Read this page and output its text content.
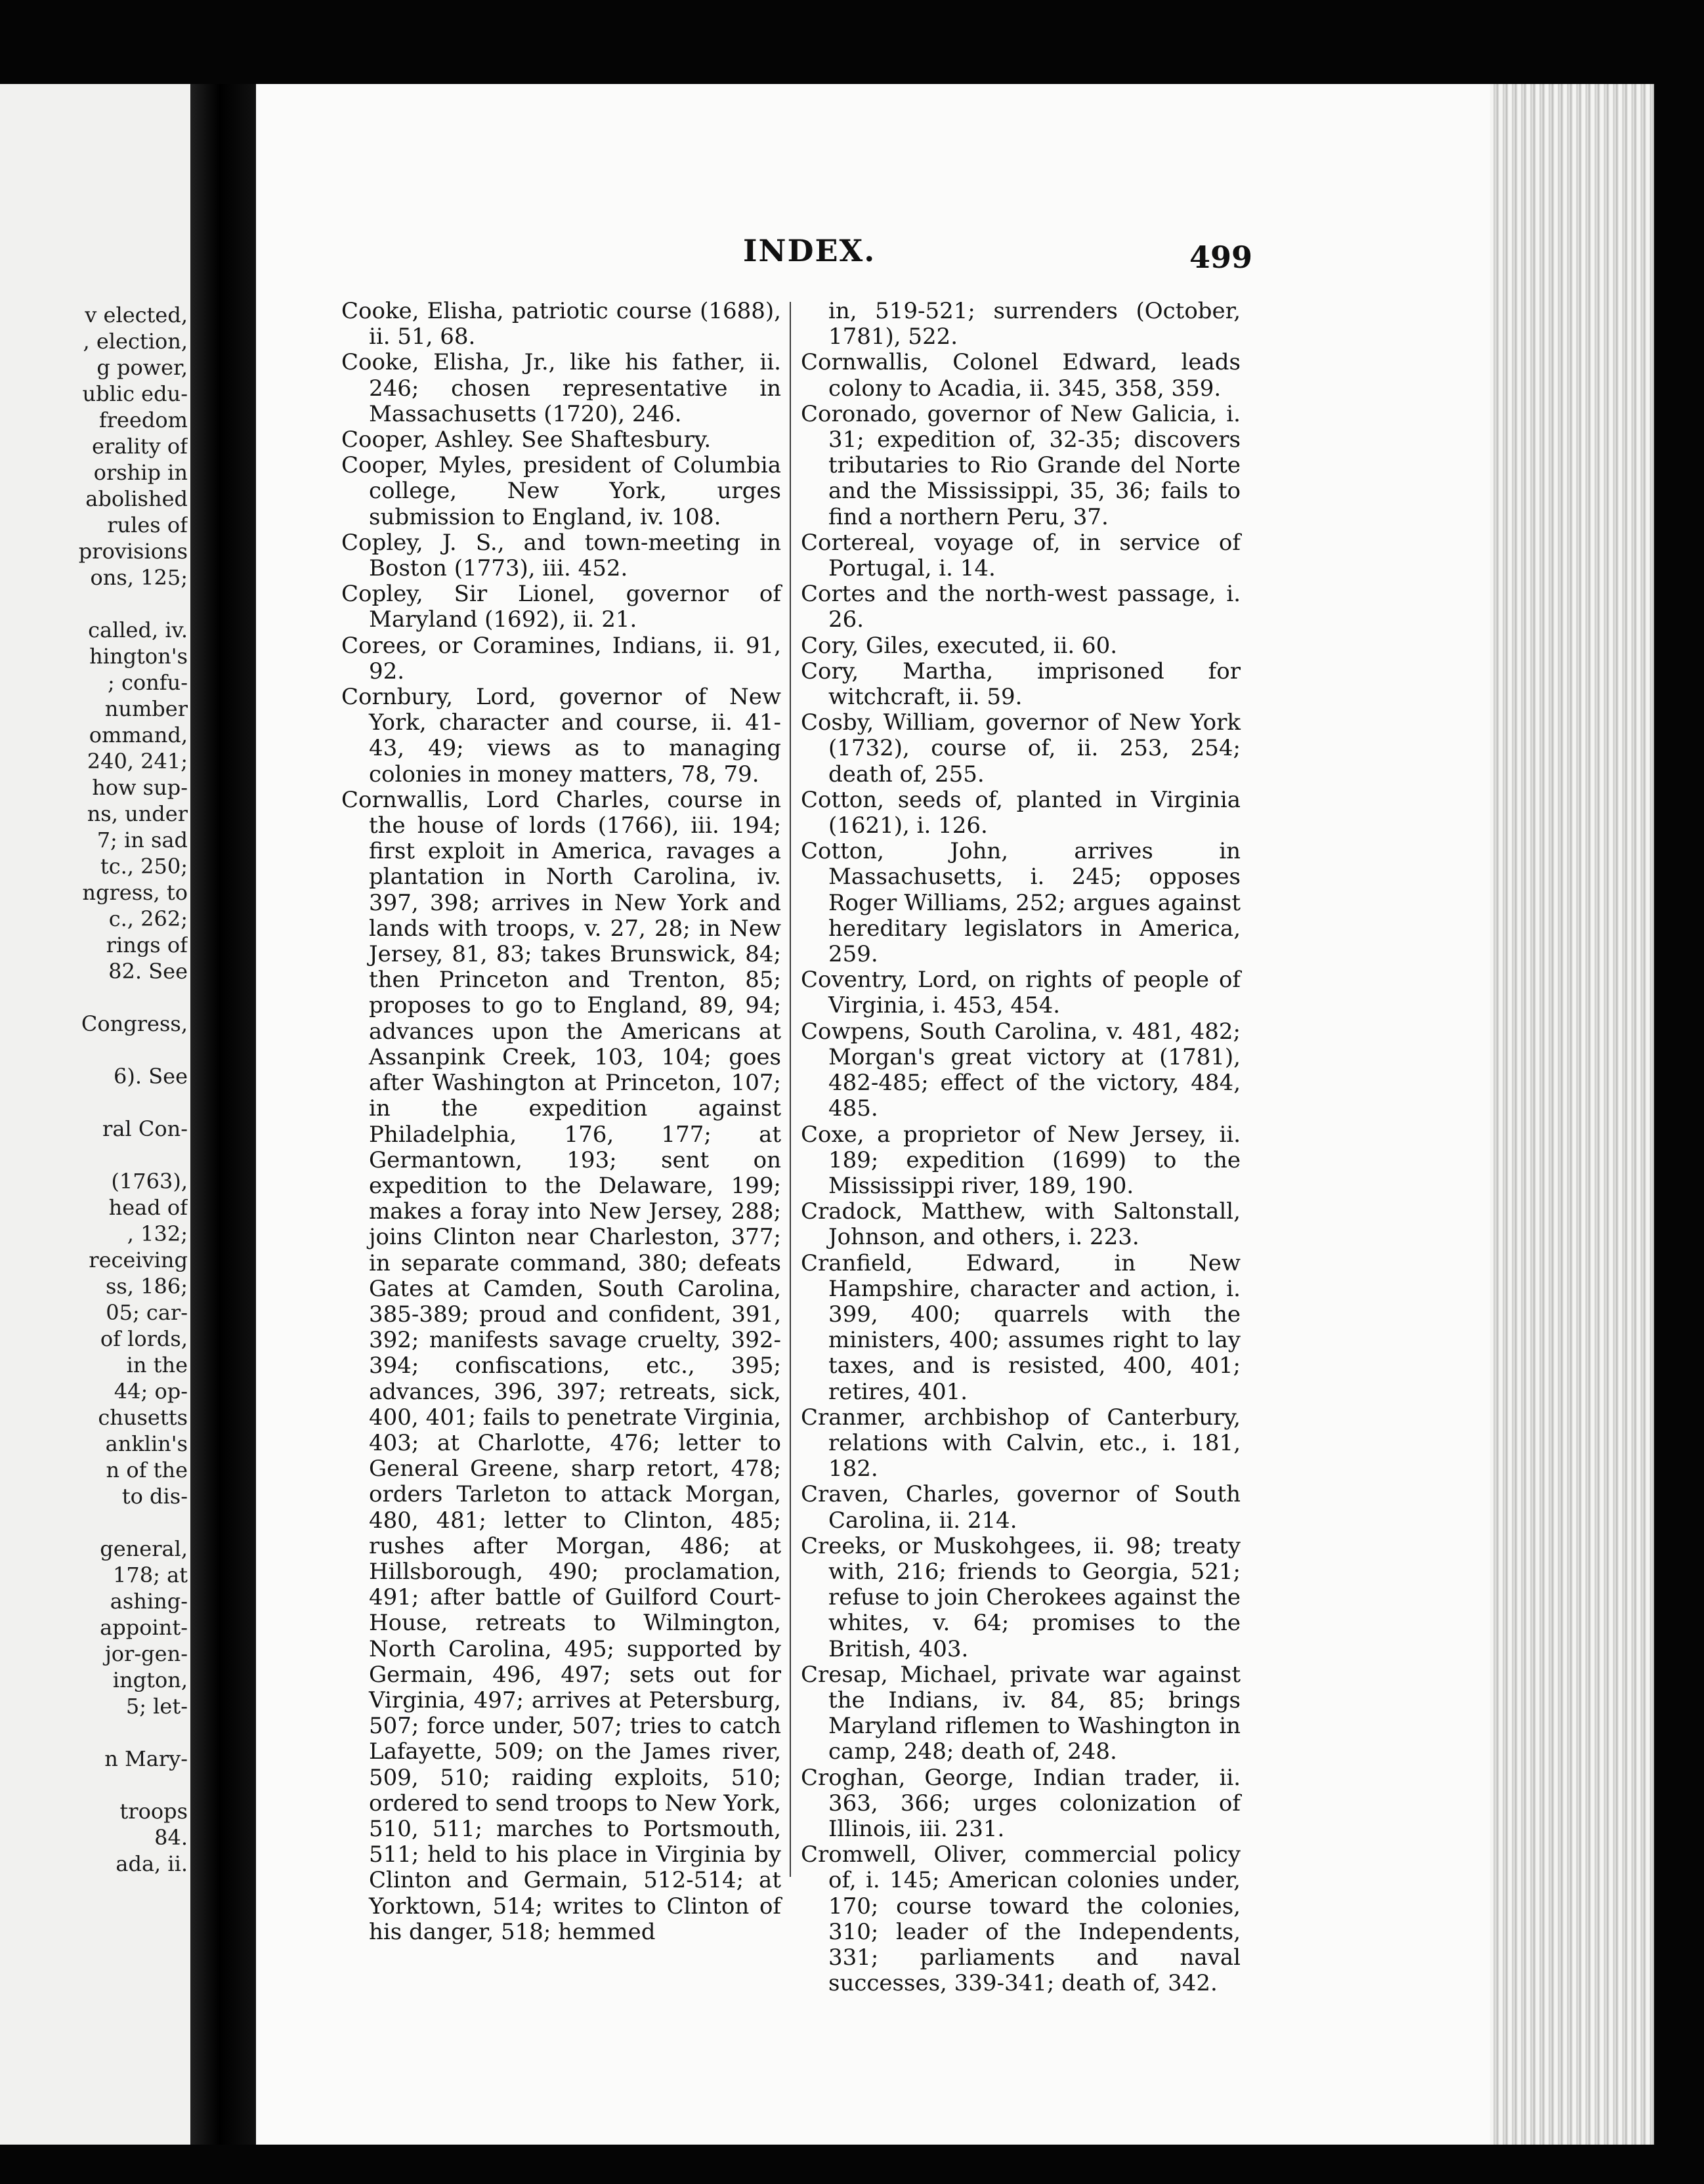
v elected,
, election,
g power,
ublic edu-
freedom
erality of
orship in
abolished
rules of
provisions
ons, 125;
called, iv.
hington's
; confu-
number
ommand,
240, 241;
how sup-
ns, under
7; in sad
tc., 250;
ngress, to
c., 262;
rings of
82. See
Congress,
6). See
ral Con-
(1763),
head of
, 132;
receiving
ss, 186;
05; car-
of lords,
in the
44; op-
chusetts
anklin's
n of the
to dis-
general,
178; at
ashing-
appoint-
jor-gen-
ington,
5; let-
n Mary-
troops
84.
ada, ii.
INDEX.	499

Cooke, Elisha, patriotic course (1688), ii. 51, 68.

Cooke, Elisha, Jr., like his father, ii. 246; chosen representative in Massachusetts (1720), 246.

Cooper, Ashley. See Shaftesbury.

Cooper, Myles, president of Columbia college, New York, urges submission to England, iv. 108.

Copley, J. S., and town-meeting in Boston (1773), iii. 452.

Copley, Sir Lionel, governor of Maryland (1692), ii. 21.

Corees, or Coramines, Indians, ii. 91, 92.

Cornbury, Lord, governor of New York, character and course, ii. 41-43, 49; views as to managing colonies in money matters, 78, 79.

Cornwallis, Lord Charles, course in the house of lords (1766), iii. 194; first exploit in America, ravages a plantation in North Carolina, iv. 397, 398; arrives in New York and lands with troops, v. 27, 28; in New Jersey, 81, 83; takes Brunswick, 84; then Princeton and Trenton, 85; proposes to go to England, 89, 94; advances upon the Americans at Assanpink Creek, 103, 104; goes after Washington at Princeton, 107; in the expedition against Philadelphia, 176, 177; at Germantown, 193; sent on expedition to the Delaware, 199; makes a foray into New Jersey, 288; joins Clinton near Charleston, 377; in separate command, 380; defeats Gates at Camden, South Carolina, 385-389; proud and confident, 391, 392; manifests savage cruelty, 392-394; confiscations, etc., 395; advances, 396, 397; retreats, sick, 400, 401; fails to penetrate Virginia, 403; at Charlotte, 476; letter to General Greene, sharp retort, 478; orders Tarleton to attack Morgan, 480, 481; letter to Clinton, 485; rushes after Morgan, 486; at Hillsborough, 490; proclamation, 491; after battle of Guilford Court-House, retreats to Wilmington, North Carolina, 495; supported by Germain, 496, 497; sets out for Virginia, 497; arrives at Petersburg, 507; force under, 507; tries to catch Lafayette, 509; on the James river, 509, 510; raiding exploits, 510; ordered to send troops to New York, 510, 511; marches to Portsmouth, 511; held to his place in Virginia by Clinton and Germain, 512-514; at Yorktown, 514; writes to Clinton of his danger, 518; hemmed

in, 519-521; surrenders (October, 1781), 522.

Cornwallis, Colonel Edward, leads colony to Acadia, ii. 345, 358, 359.

Coronado, governor of New Galicia, i. 31; expedition of, 32-35; discovers tributaries to Rio Grande del Norte and the Mississippi, 35, 36; fails to find a northern Peru, 37.

Cortereal, voyage of, in service of Portugal, i. 14.

Cortes and the north-west passage, i. 26.

Cory, Giles, executed, ii. 60.

Cory, Martha, imprisoned for witchcraft, ii. 59.

Cosby, William, governor of New York (1732), course of, ii. 253, 254; death of, 255.

Cotton, seeds of, planted in Virginia (1621), i. 126.

Cotton, John, arrives in Massachusetts, i. 245; opposes Roger Williams, 252; argues against hereditary legislators in America, 259.

Coventry, Lord, on rights of people of Virginia, i. 453, 454.

Cowpens, South Carolina, v. 481, 482; Morgan's great victory at (1781), 482-485; effect of the victory, 484, 485.

Coxe, a proprietor of New Jersey, ii. 189; expedition (1699) to the Mississippi river, 189, 190.

Cradock, Matthew, with Saltonstall, Johnson, and others, i. 223.

Cranfield, Edward, in New Hampshire, character and action, i. 399, 400; quarrels with the ministers, 400; assumes right to lay taxes, and is resisted, 400, 401; retires, 401.

Cranmer, archbishop of Canterbury, relations with Calvin, etc., i. 181, 182.

Craven, Charles, governor of South Carolina, ii. 214.

Creeks, or Muskohgees, ii. 98; treaty with, 216; friends to Georgia, 521; refuse to join Cherokees against the whites, v. 64; promises to the British, 403.

Cresap, Michael, private war against the Indians, iv. 84, 85; brings Maryland riflemen to Washington in camp, 248; death of, 248.

Croghan, George, Indian trader, ii. 363, 366; urges colonization of Illinois, iii. 231.

Cromwell, Oliver, commercial policy of, i. 145; American colonies under, 170; course toward the colonies, 310; leader of the Independents, 331; parliaments and naval successes, 339-341; death of, 342.
